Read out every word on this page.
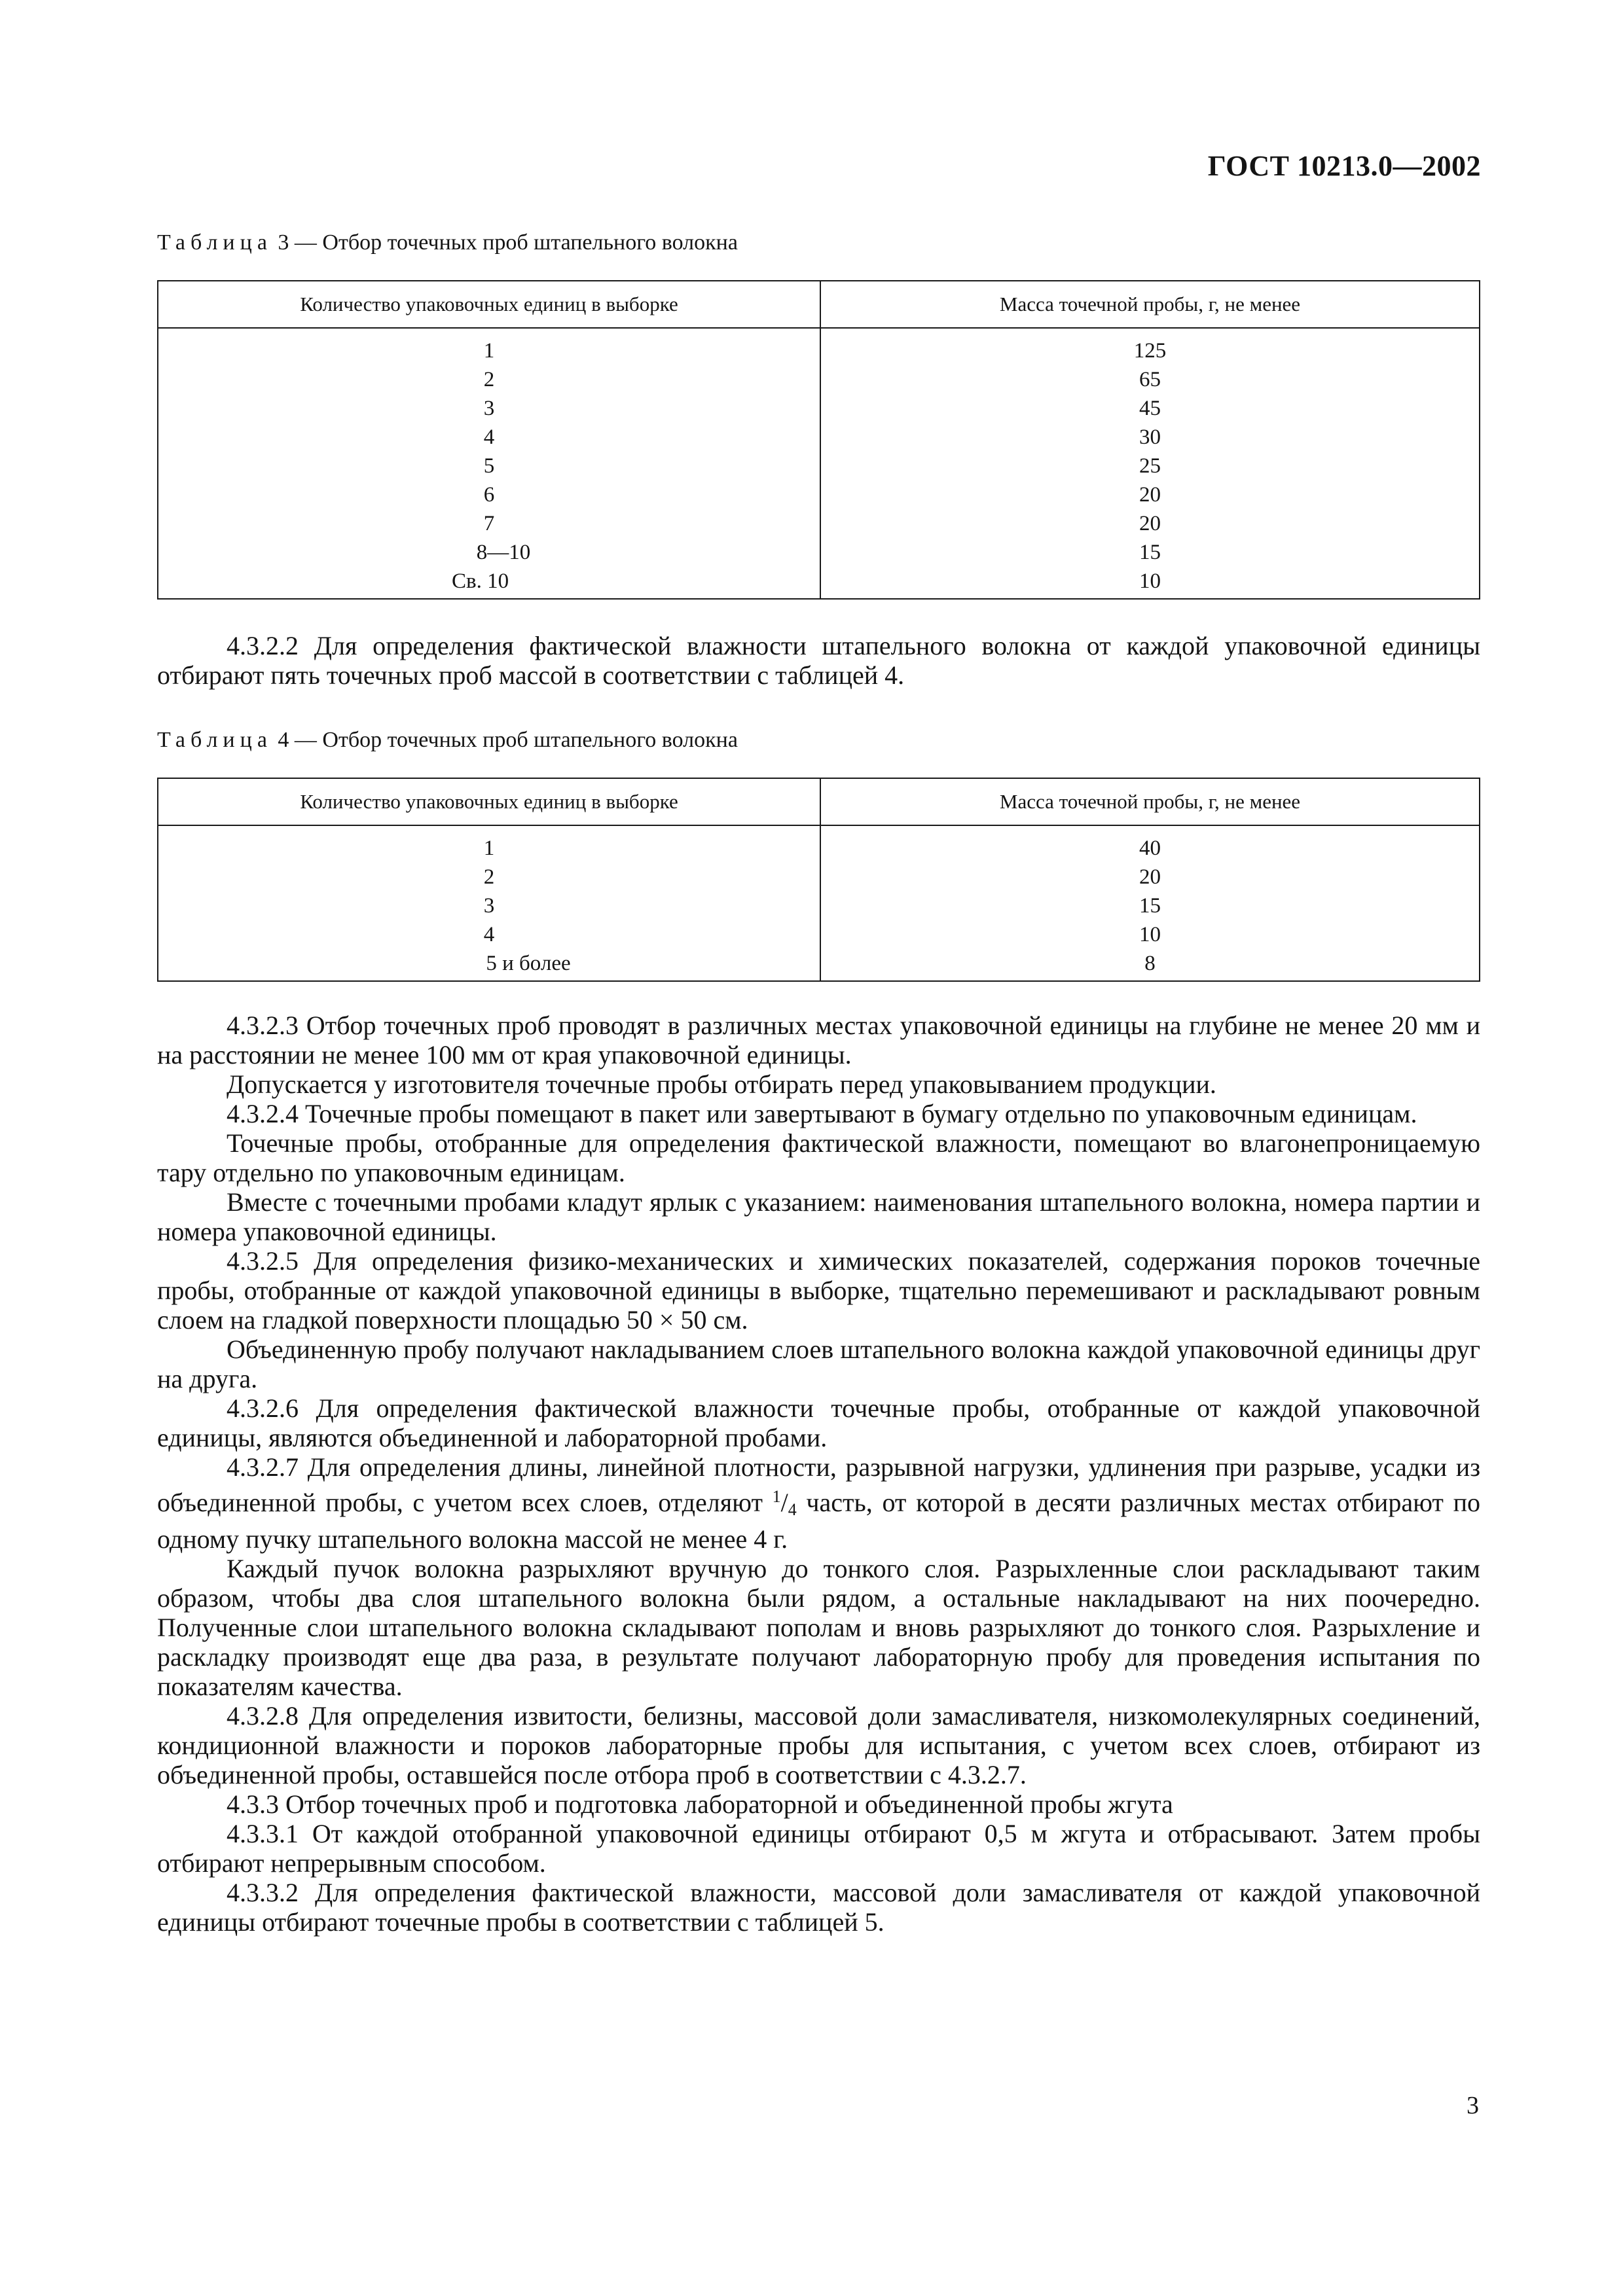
ГОСТ 10213.0—2002
Таблица 3 — Отбор точечных проб штапельного волокна
Количество упаковочных единиц в выборке	Масса точечной пробы, г, не менее
1	125
2	65
3	45
4	30
5	25
6	20
7	20
8—10	15
Св. 10	10

4.3.2.2 Для определения фактической влажности штапельного волокна от каждой упаковочной единицы отбирают пять точечных проб массой в соответствии с таблицей 4.

Таблица 4 — Отбор точечных проб штапельного волокна
Количество упаковочных единиц в выборке	Масса точечной пробы, г, не менее
1	40
2	20
3	15
4	10
5 и более	8

4.3.2.3 Отбор точечных проб проводят в различных местах упаковочной единицы на глубине не менее 20 мм и на расстоянии не менее 100 мм от края упаковочной единицы.

Допускается у изготовителя точечные пробы отбирать перед упаковыванием продукции.

4.3.2.4 Точечные пробы помещают в пакет или завертывают в бумагу отдельно по упаковочным единицам.

Точечные пробы, отобранные для определения фактической влажности, помещают во влагонепроницаемую тару отдельно по упаковочным единицам.

Вместе с точечными пробами кладут ярлык с указанием: наименования штапельного волокна, номера партии и номера упаковочной единицы.

4.3.2.5 Для определения физико-механических и химических показателей, содержания пороков точечные пробы, отобранные от каждой упаковочной единицы в выборке, тщательно перемешивают и раскладывают ровным слоем на гладкой поверхности площадью 50 × 50 см.

Объединенную пробу получают накладыванием слоев штапельного волокна каждой упаковочной единицы друг на друга.

4.3.2.6 Для определения фактической влажности точечные пробы, отобранные от каждой упаковочной единицы, являются объединенной и лабораторной пробами.

4.3.2.7 Для определения длины, линейной плотности, разрывной нагрузки, удлинения при разрыве, усадки из объединенной пробы, с учетом всех слоев, отделяют $^1/_4$ часть, от которой в десяти различных местах отбирают по одному пучку штапельного волокна массой не менее 4 г.

Каждый пучок волокна разрыхляют вручную до тонкого слоя. Разрыхленные слои раскладывают таким образом, чтобы два слоя штапельного волокна были рядом, а остальные накладывают на них поочередно. Полученные слои штапельного волокна складывают пополам и вновь разрыхляют до тонкого слоя. Разрыхление и раскладку производят еще два раза, в результате получают лабораторную пробу для проведения испытания по показателям качества.

4.3.2.8 Для определения извитости, белизны, массовой доли замасливателя, низкомолекулярных соединений, кондиционной влажности и пороков лабораторные пробы для испытания, с учетом всех слоев, отбирают из объединенной пробы, оставшейся после отбора проб в соответствии с 4.3.2.7.

4.3.3 Отбор точечных проб и подготовка лабораторной и объединенной пробы жгута

4.3.3.1 От каждой отобранной упаковочной единицы отбирают 0,5 м жгута и отбрасывают. Затем пробы отбирают непрерывным способом.

4.3.3.2 Для определения фактической влажности, массовой доли замасливателя от каждой упаковочной единицы отбирают точечные пробы в соответствии с таблицей 5.

3
